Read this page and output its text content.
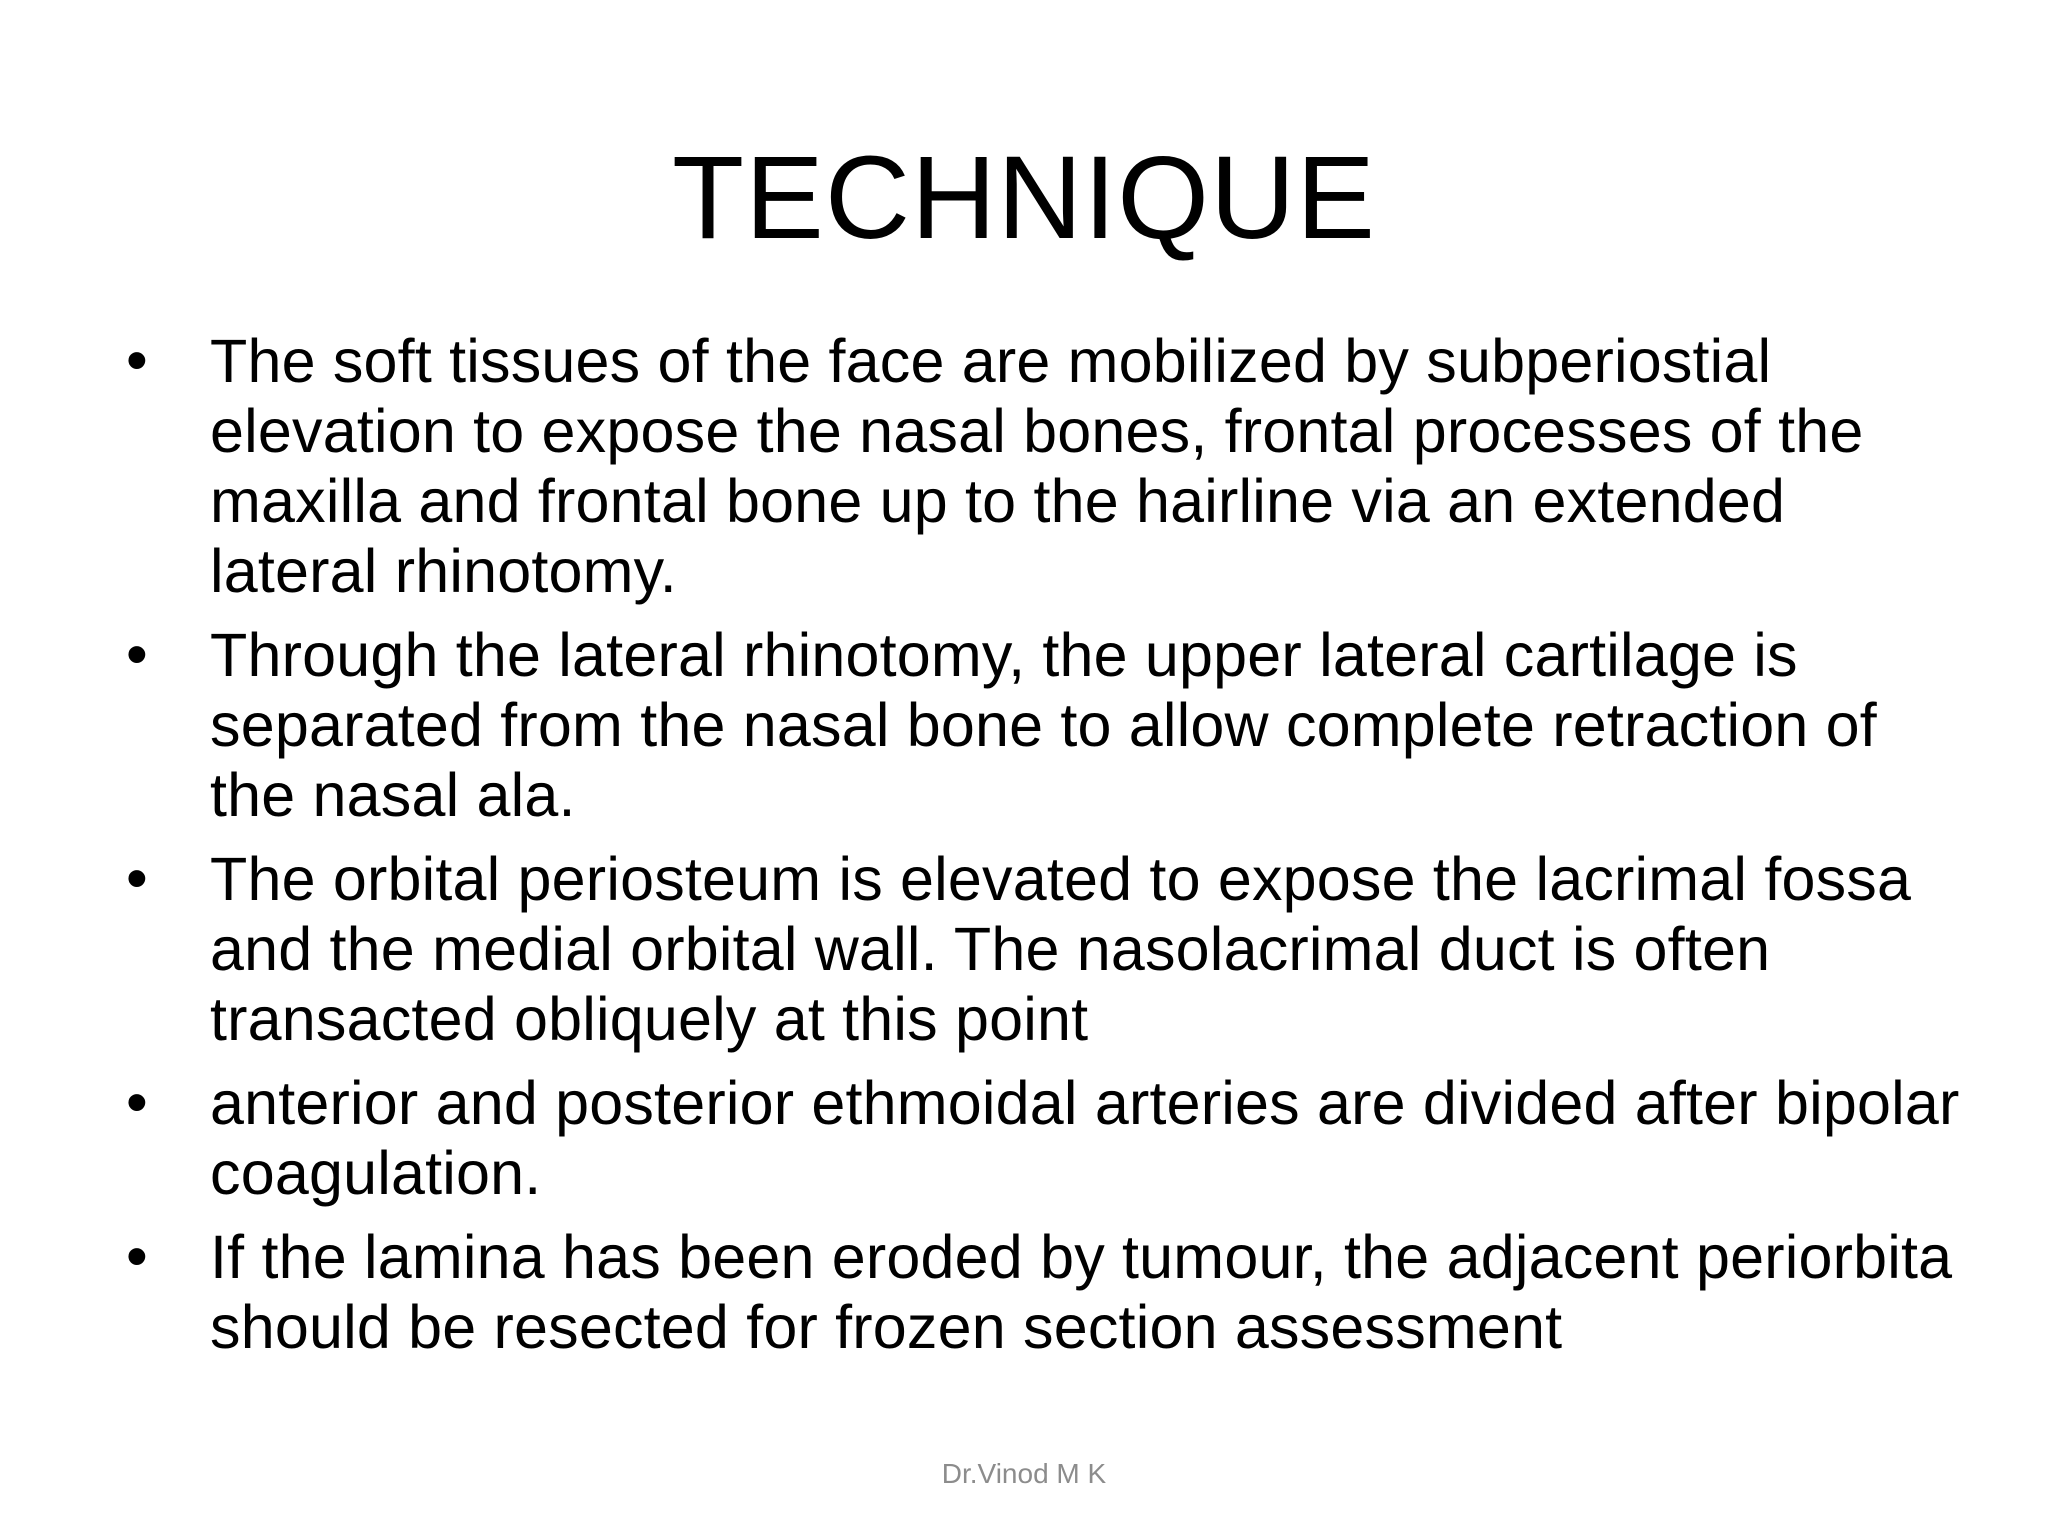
TECHNIQUE
•	The soft tissues of the face are mobilized by subperiostial elevation to expose the nasal bones, frontal processes of the maxilla and frontal bone up to the hairline via an extended lateral rhinotomy.
•	Through the lateral rhinotomy, the upper lateral cartilage is separated from the nasal bone to allow complete retraction of the nasal ala.
•	The orbital periosteum is elevated to expose the lacrimal fossa and the medial orbital wall. The nasolacrimal duct is often transacted obliquely at this point
•	anterior and posterior ethmoidal arteries are divided after bipolar coagulation.
•	If the lamina has been eroded by tumour, the adjacent periorbita should be resected for frozen section assessment
Dr.Vinod M K
